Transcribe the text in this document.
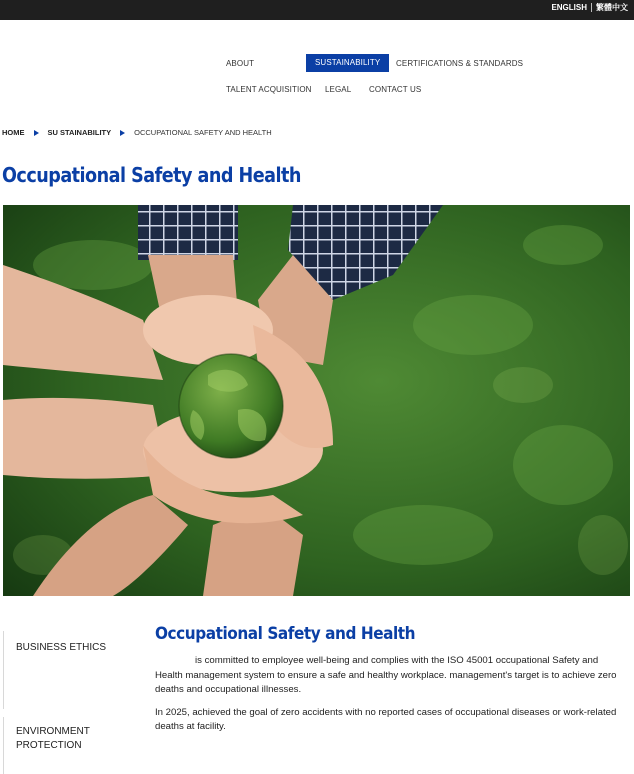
ENGLISH 繁體中文
ABOUT	SUSTAINABILITY	CERTIFICATIONS & STANDARDS
TALENT ACQUISITION LEGAL CONTACT US
HOME	SU STAINABILITY	OCCUPATIONAL SAFETY AND HEALTH
Occupational Safety and Health
BUSINESS ETHICS
ENVIRONMENT PROTECTION
Occupational Safety and Health

is committed to employee well-being and complies with the ISO 45001 occupational Safety and Health management system to ensure a safe and healthy workplace. management's target is to achieve zero deaths and occupational illnesses.

In 2025, achieved the goal of zero accidents with no reported cases of occupational diseases or work-related deaths at facility.
